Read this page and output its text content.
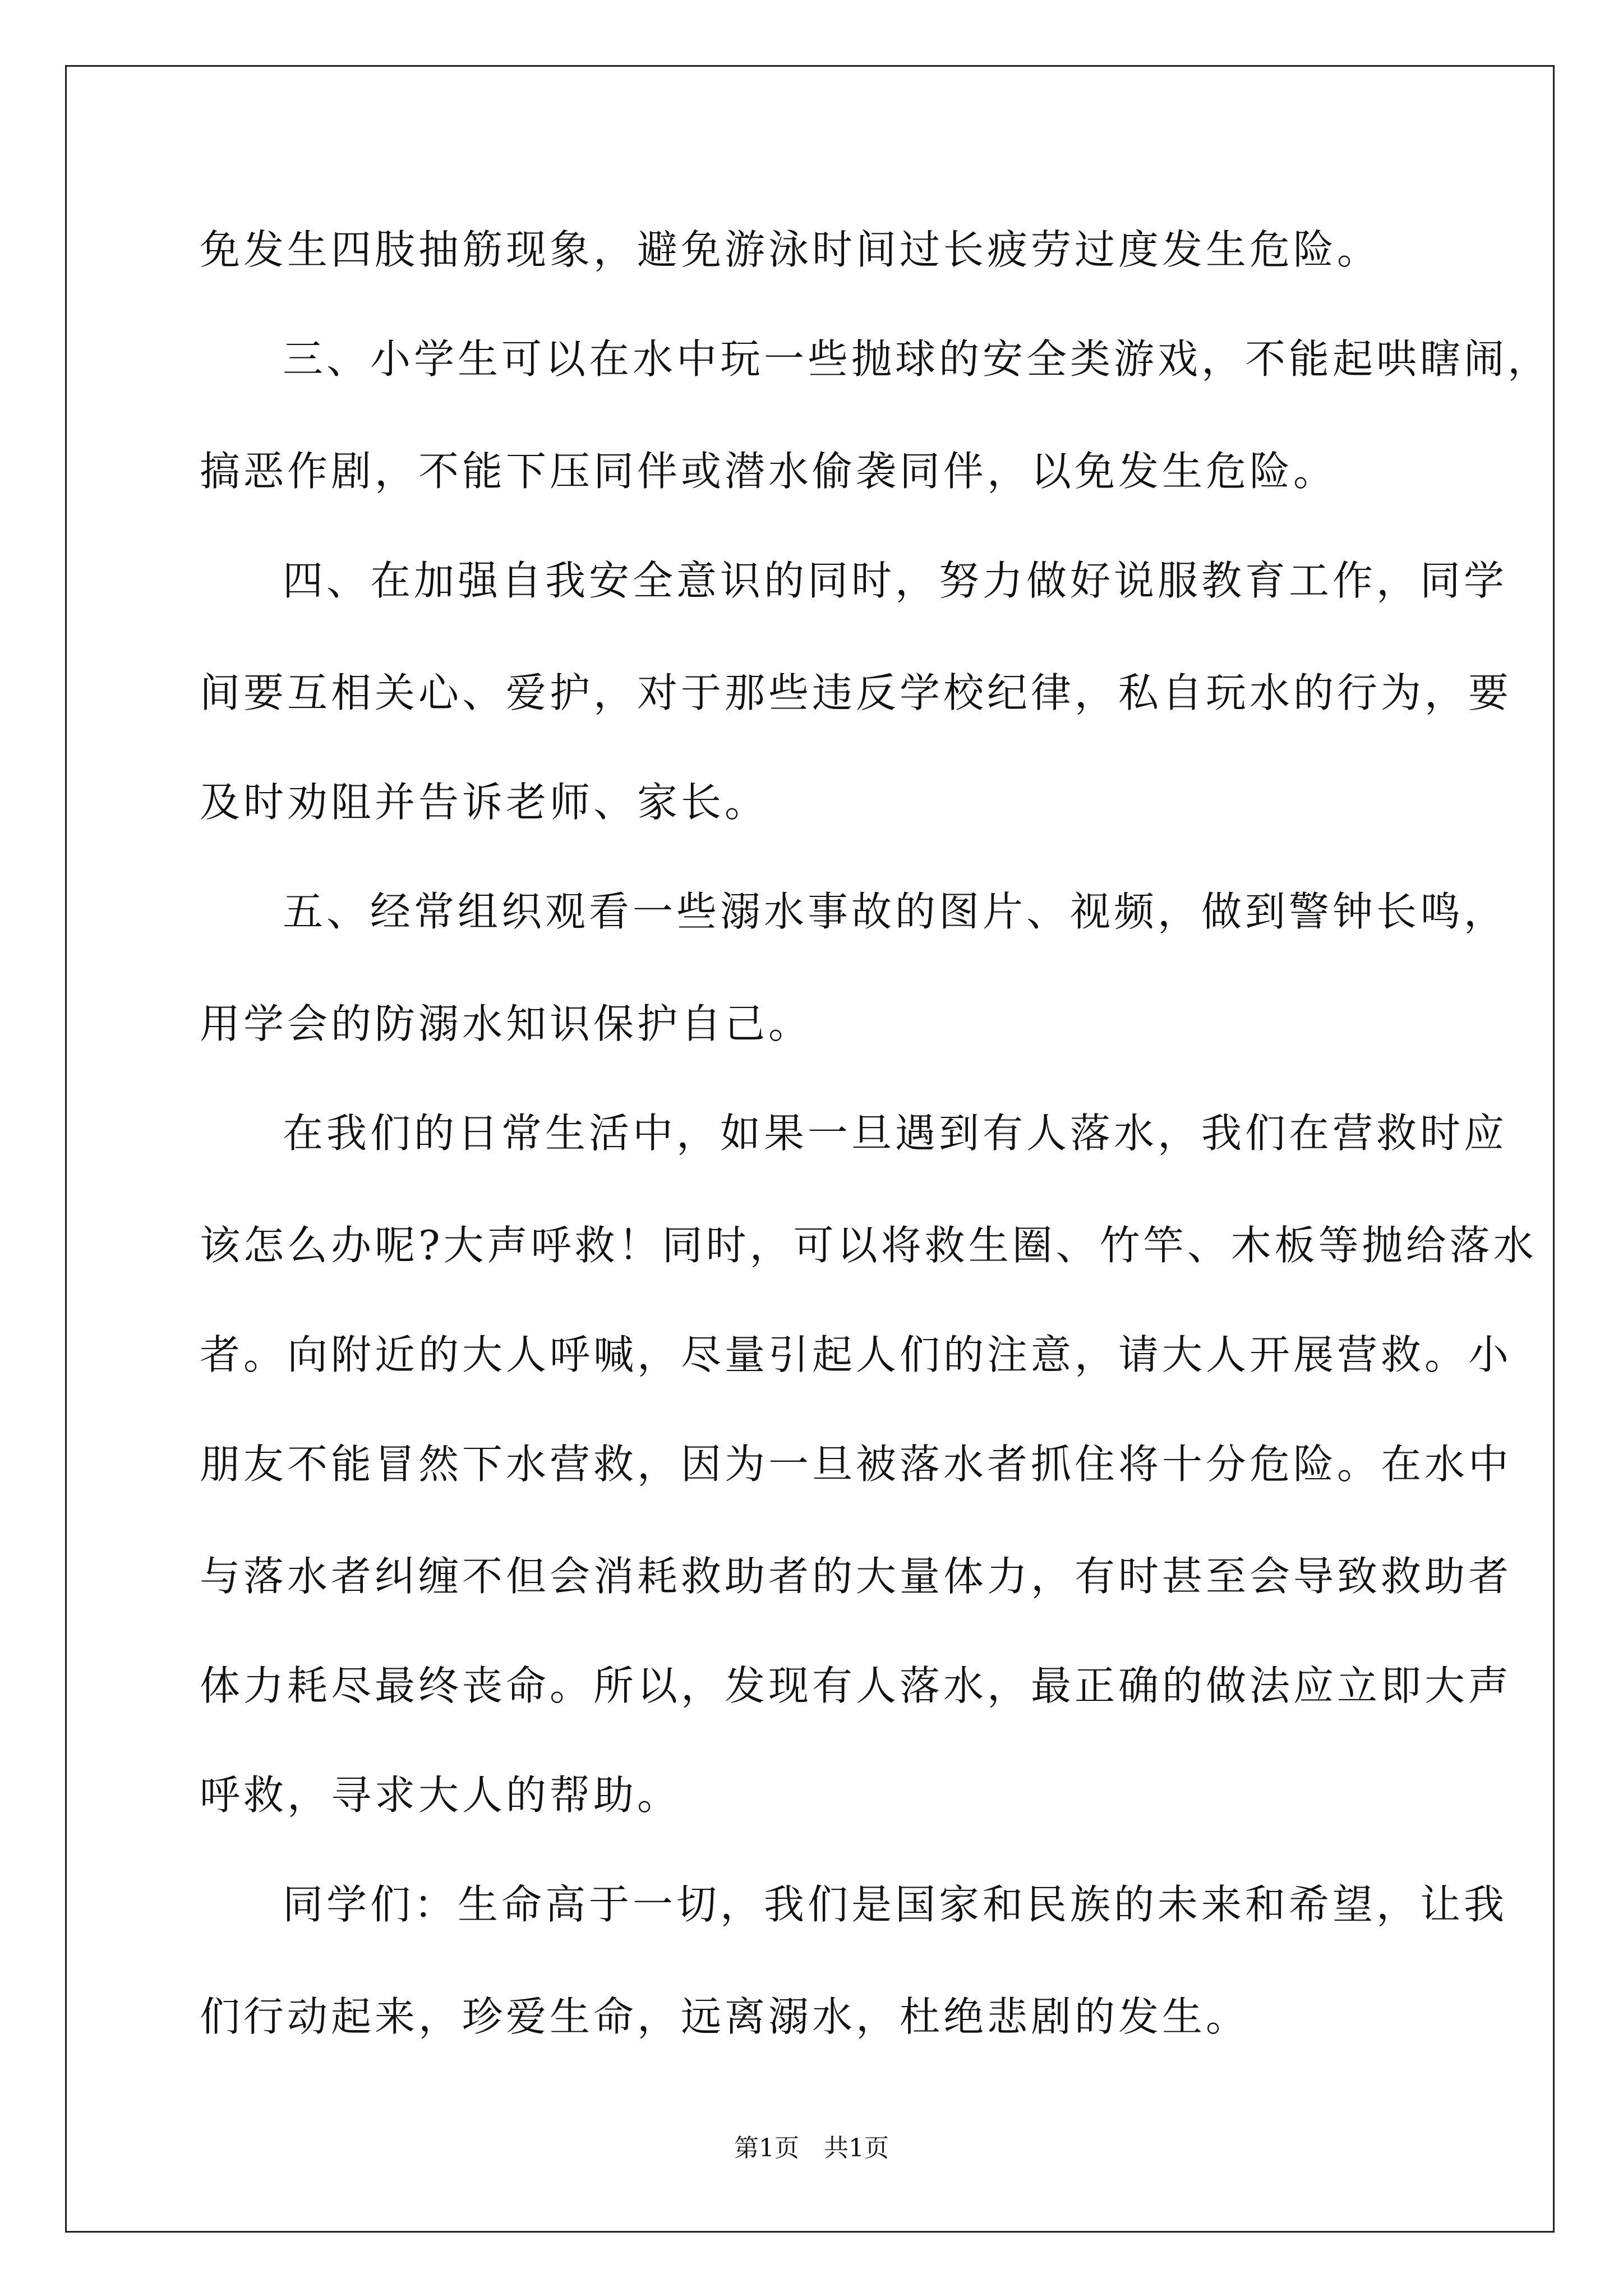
免发生四肢抽筋现象，避免游泳时间过长疲劳过度发生危险。
三、小学生可以在水中玩一些抛球的安全类游戏，不能起哄瞎闹，
搞恶作剧，不能下压同伴或潜水偷袭同伴，以免发生危险。
四、在加强自我安全意识的同时，努力做好说服教育工作，同学
间要互相关心、爱护，对于那些违反学校纪律，私自玩水的行为，要
及时劝阻并告诉老师、家长。
五、经常组织观看一些溺水事故的图片、视频，做到警钟长鸣，
用学会的防溺水知识保护自己。
在我们的日常生活中，如果一旦遇到有人落水，我们在营救时应
该怎么办呢?大声呼救！同时，可以将救生圈、竹竿、木板等抛给落水
者。向附近的大人呼喊，尽量引起人们的注意，请大人开展营救。小
朋友不能冒然下水营救，因为一旦被落水者抓住将十分危险。在水中
与落水者纠缠不但会消耗救助者的大量体力，有时甚至会导致救助者
体力耗尽最终丧命。所以，发现有人落水，最正确的做法应立即大声
呼救，寻求大人的帮助。
同学们：生命高于一切，我们是国家和民族的未来和希望，让我
们行动起来，珍爱生命，远离溺水，杜绝悲剧的发生。
第1页　共1页
